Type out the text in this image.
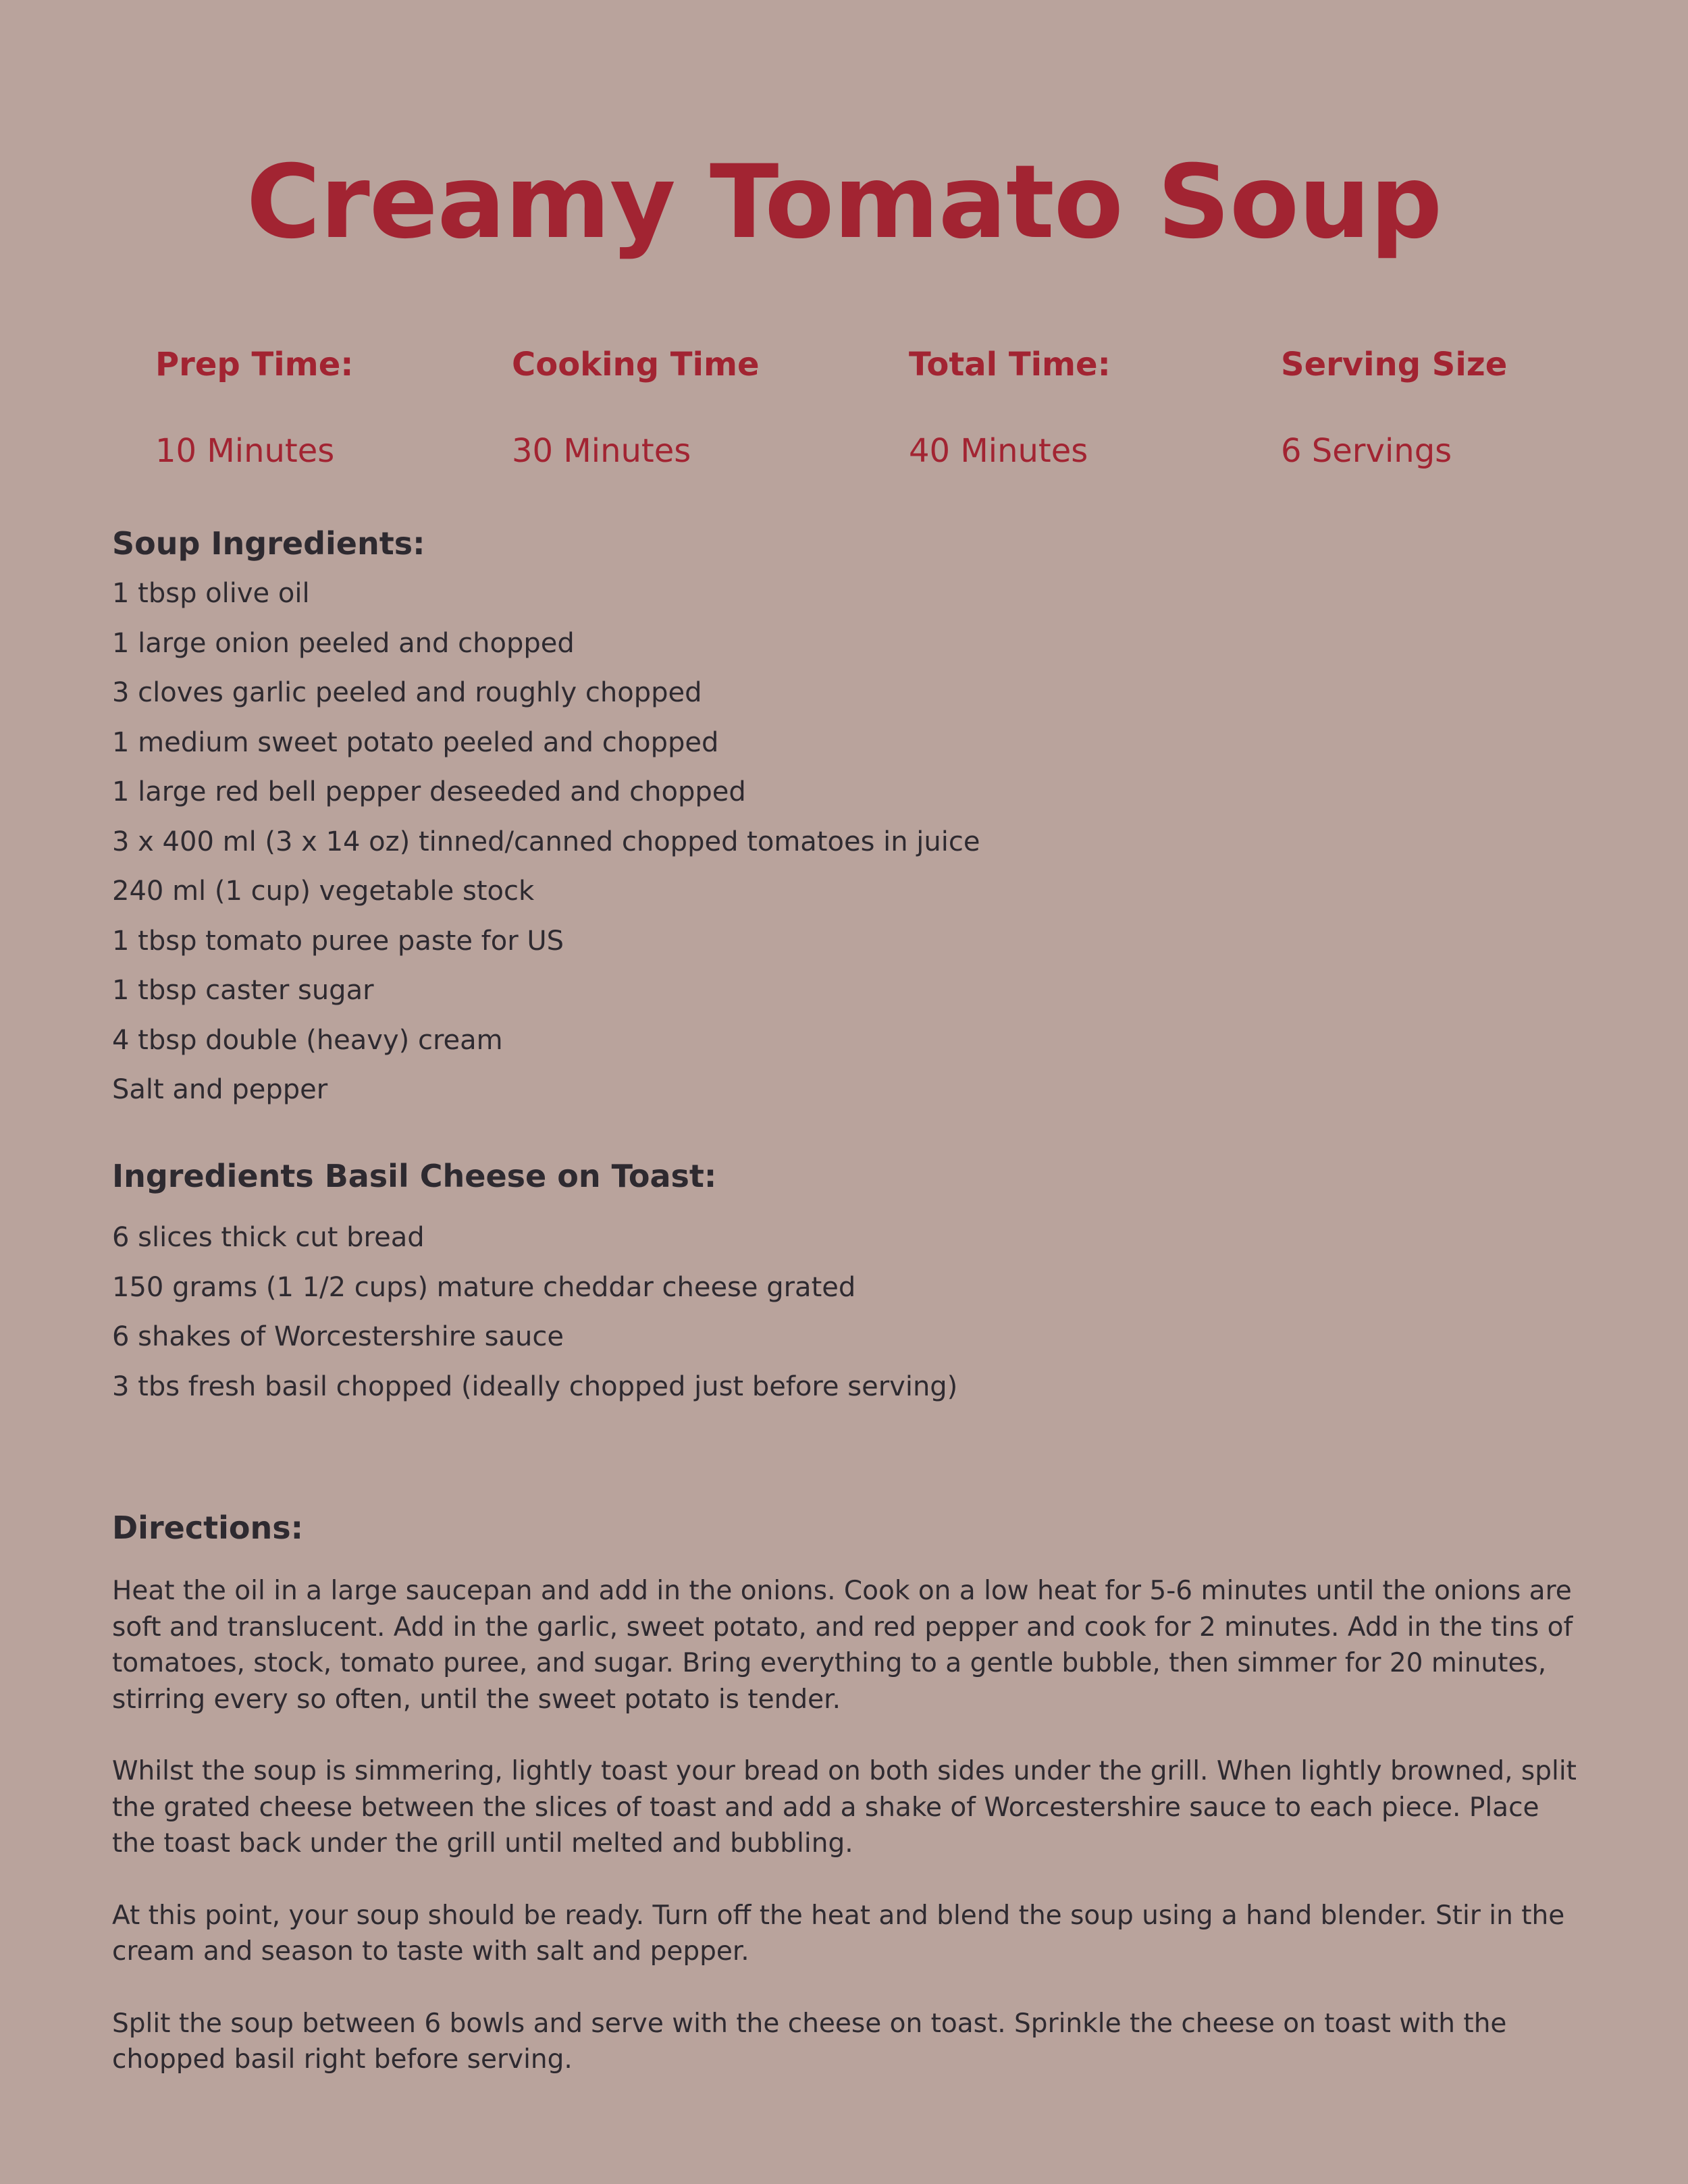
Creamy Tomato Soup
Prep Time:
10 Minutes
Cooking Time
30 Minutes
Total Time:
40 Minutes
Serving Size
6 Servings
Soup Ingredients:
1 tbsp olive oil
1 large onion peeled and chopped
3 cloves garlic peeled and roughly chopped
1 medium sweet potato peeled and chopped
1 large red bell pepper deseeded and chopped
3 x 400 ml (3 x 14 oz) tinned/canned chopped tomatoes in juice
240 ml (1 cup) vegetable stock
1 tbsp tomato puree paste for US
1 tbsp caster sugar
4 tbsp double (heavy) cream
Salt and pepper
Ingredients Basil Cheese on Toast:
6 slices thick cut bread
150 grams (1 1/2 cups) mature cheddar cheese grated
6 shakes of Worcestershire sauce
3 tbs fresh basil chopped (ideally chopped just before serving)
Directions:

Heat the oil in a large saucepan and add in the onions. Cook on a low heat for 5-6 minutes until the onions are soft and translucent. Add in the garlic, sweet potato, and red pepper and cook for 2 minutes. Add in the tins of tomatoes, stock, tomato puree, and sugar. Bring everything to a gentle bubble, then simmer for 20 minutes, stirring every so often, until the sweet potato is tender.

Whilst the soup is simmering, lightly toast your bread on both sides under the grill. When lightly browned, split the grated cheese between the slices of toast and add a shake of Worcestershire sauce to each piece. Place the toast back under the grill until melted and bubbling.

At this point, your soup should be ready. Turn off the heat and blend the soup using a hand blender. Stir in the cream and season to taste with salt and pepper.

Split the soup between 6 bowls and serve with the cheese on toast. Sprinkle the cheese on toast with the chopped basil right before serving.
